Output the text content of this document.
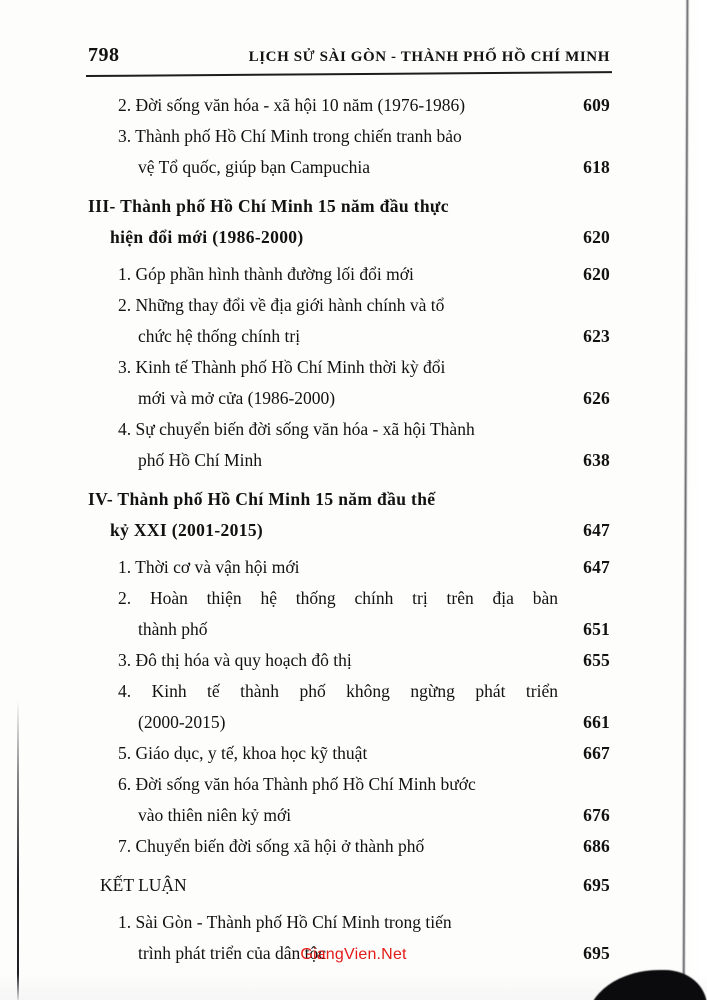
798	LỊCH SỬ SÀI GÒN - THÀNH PHỐ HỒ CHÍ MINH
2. Đời sống văn hóa - xã hội 10 năm (1976-1986)	609
3. Thành phố Hồ Chí Minh trong chiến tranh bảo
vệ Tổ quốc, giúp bạn Campuchia	618
III- Thành phố Hồ Chí Minh 15 năm đầu thực
hiện đổi mới (1986-2000)	620
1. Góp phần hình thành đường lối đổi mới	620
2. Những thay đổi về địa giới hành chính và tổ
chức hệ thống chính trị	623
3. Kinh tế Thành phố Hồ Chí Minh thời kỳ đổi
mới và mở cửa (1986-2000)	626
4. Sự chuyển biến đời sống văn hóa - xã hội Thành
phố Hồ Chí Minh	638
IV- Thành phố Hồ Chí Minh 15 năm đầu thế
kỷ XXI (2001-2015)	647
1. Thời cơ và vận hội mới	647
2. Hoàn thiện hệ thống chính trị trên địa bàn
thành phố	651
3. Đô thị hóa và quy hoạch đô thị	655
4. Kinh tế thành phố không ngừng phát triển
(2000-2015)	661
5. Giáo dục, y tế, khoa học kỹ thuật	667
6. Đời sống văn hóa Thành phố Hồ Chí Minh bước
vào thiên niên kỷ mới	676
7. Chuyển biến đời sống xã hội ở thành phố	686
KẾT LUẬN	695
1. Sài Gòn - Thành phố Hồ Chí Minh trong tiến
trình phát triển của dân tộc	695
GiangVien.Net
